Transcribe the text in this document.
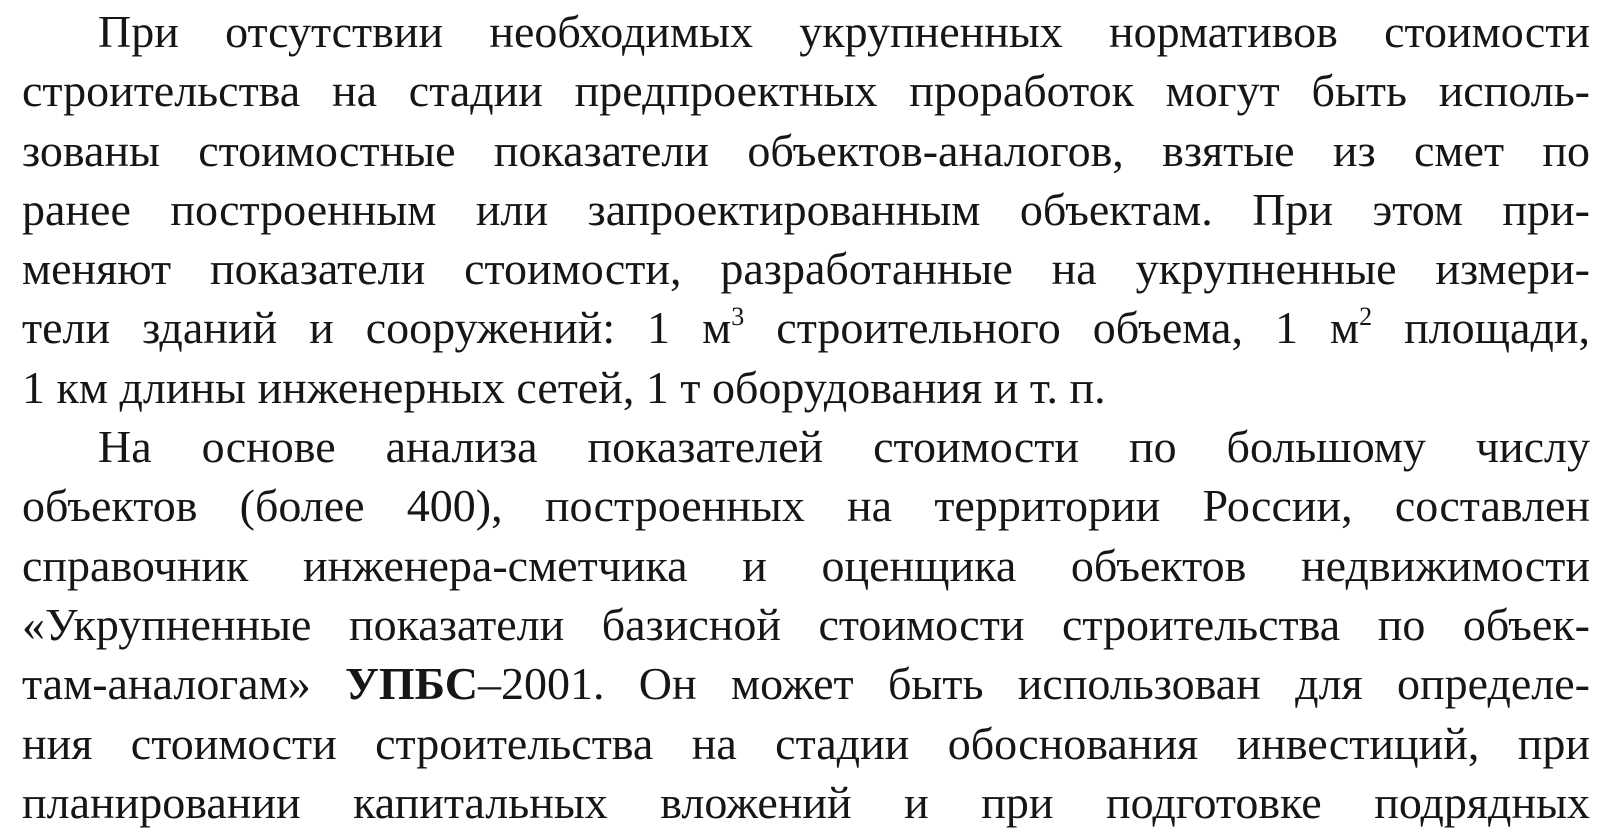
При отсутствии необходимых укрупненных нормативов стоимости
строительства на стадии предпроектных проработок могут быть исполь-
зованы стоимостные показатели объектов-аналогов, взятые из смет по
ранее построенным или запроектированным объектам. При этом при-
меняют показатели стоимости, разработанные на укрупненные измери-
тели зданий и сооружений: 1 $м^3$ строительного объема, 1 $м^2$ площади,
1 км длины инженерных сетей, 1 т оборудования и т. п.
На основе анализа показателей стоимости по большому числу
объектов (более 400), построенных на территории России, составлен
справочник инженера-сметчика и оценщика объектов недвижимости
«Укрупненные показатели базисной стоимости строительства по объек-
там-аналогам» УПБС–2001. Он может быть использован для определе-
ния стоимости строительства на стадии обоснования инвестиций, при
планировании капитальных вложений и при подготовке подрядных
